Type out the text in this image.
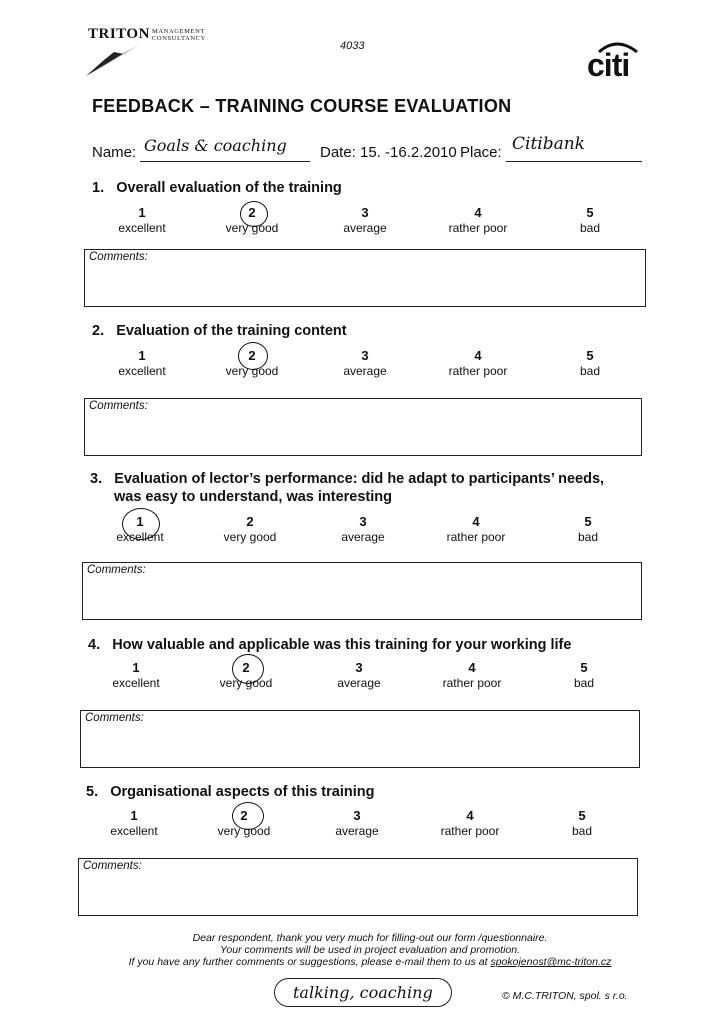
TRITON MANAGEMENT
CONSULTANCY
4033
citi
FEEDBACK – TRAINING COURSE EVALUATION
Name: Goals & coaching Date: 15. -16.2.2010 Place: Citibank
1. Overall evaluation of the training
1
excellent
2
very good
3
average
4
rather poor
5
bad
Comments:
2. Evaluation of the training content
1
excellent
2
very good
3
average
4
rather poor
5
bad
Comments:
3. Evaluation of lector’s performance: did he adapt to participants’ needs,
was easy to understand, was interesting
1
excellent
2
very good
3
average
4
rather poor
5
bad
Comments:
4. How valuable and applicable was this training for your working life
1
excellent
2
very good
3
average
4
rather poor
5
bad
Comments:
5. Organisational aspects of this training
1
excellent
2
very good
3
average
4
rather poor
5
bad
Comments:
Dear respondent, thank you very much for filling-out our form /questionnaire.
Your comments will be used in project evaluation and promotion.
If you have any further comments or suggestions, please e-mail them to us at spokojenost@mc-triton.cz
talking, coaching	© M.C.TRITON, spol. s r.o.
